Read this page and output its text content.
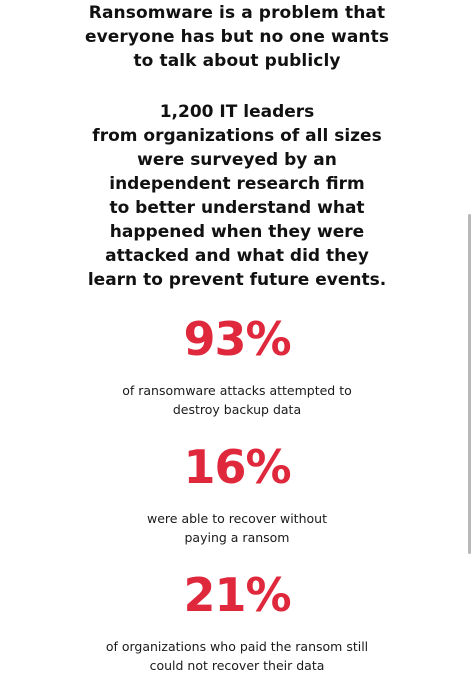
Ransomware is a problem that
everyone has but no one wants
to talk about publicly
1,200 IT leaders
from organizations of all sizes
were surveyed by an
independent research firm
to better understand what
happened when they were
attacked and what did they
learn to prevent future events.
93%
of ransomware attacks attempted to
destroy backup data
16%
were able to recover without
paying a ransom
21%
of organizations who paid the ransom still
could not recover their data
